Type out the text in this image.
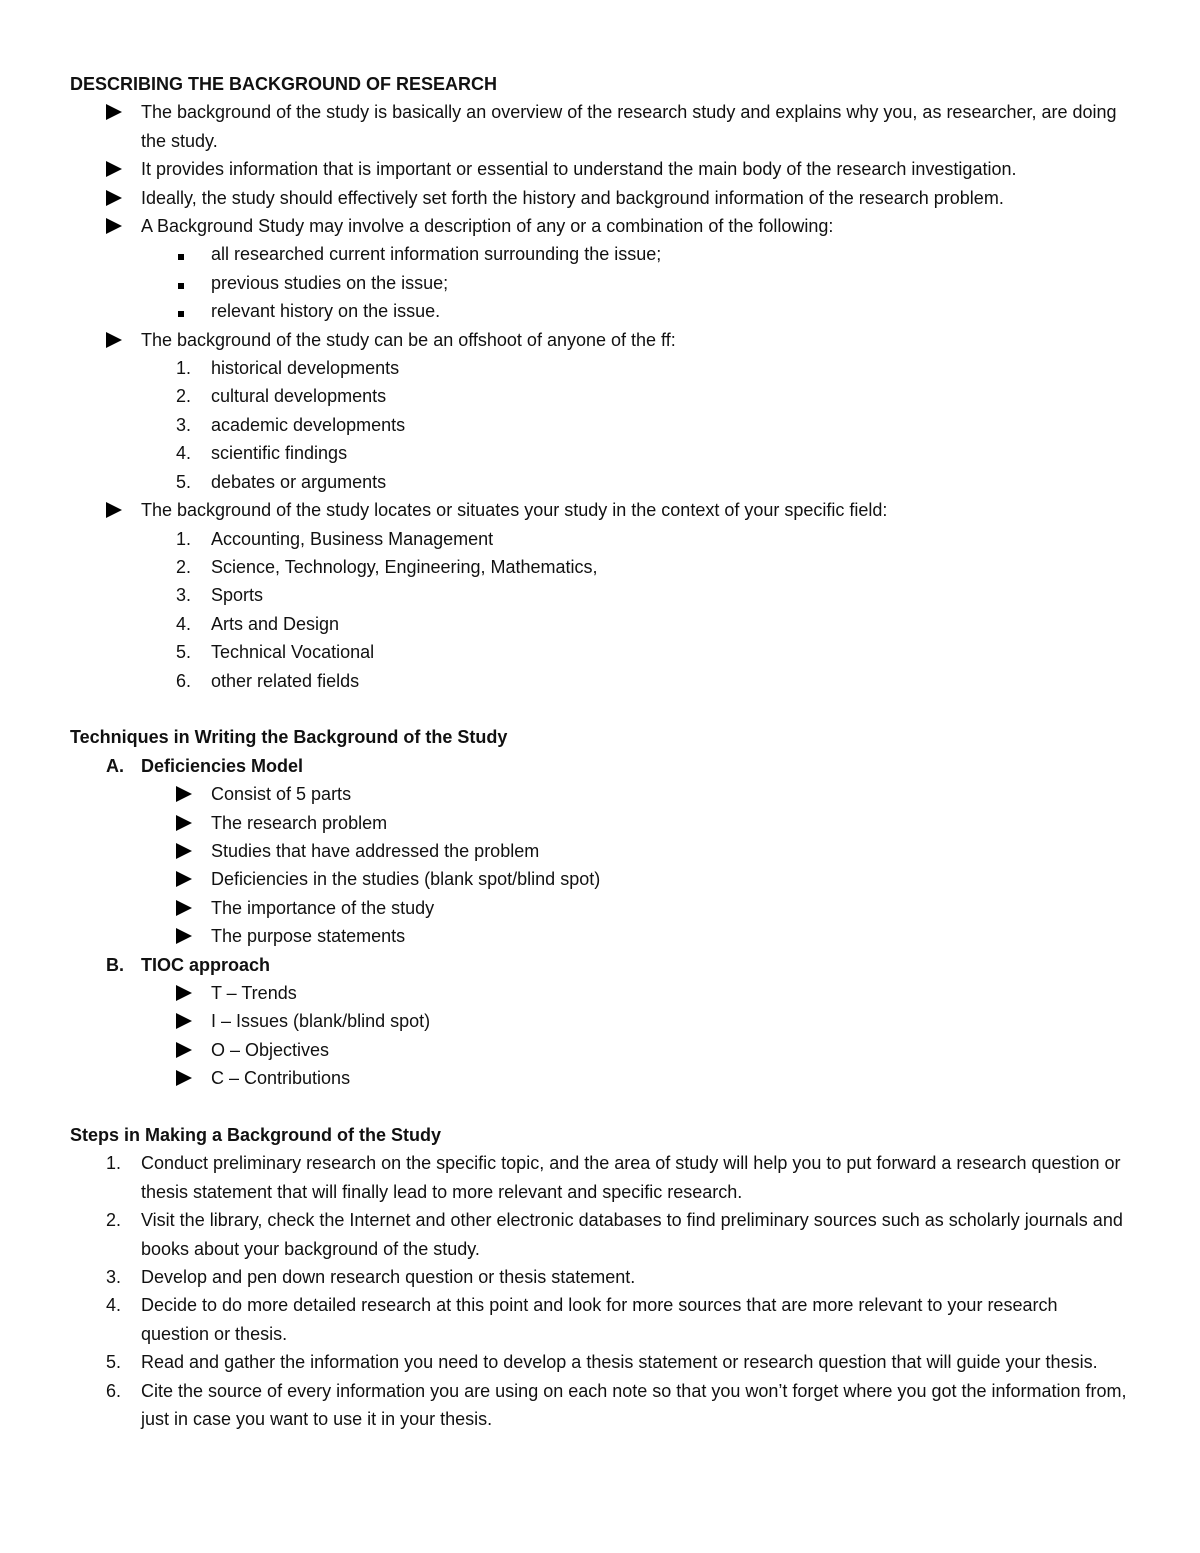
DESCRIBING THE BACKGROUND OF RESEARCH

The background of the study is basically an overview of the research study and explains why you, as researcher, are doing the study.
It provides information that is important or essential to understand the main body of the research investigation.
Ideally, the study should effectively set forth the history and background information of the research problem.
A Background Study may involve a description of any or a combination of the following:
all researched current information surrounding the issue;
previous studies on the issue;
relevant history on the issue.
The background of the study can be an offshoot of anyone of the ff:
1.	historical developments
2.	cultural developments
3.	academic developments
4.	scientific findings
5.	debates or arguments
The background of the study locates or situates your study in the context of your specific field:
1.	Accounting, Business Management
2.	Science, Technology, Engineering, Mathematics,
3.	Sports
4.	Arts and Design
5.	Technical Vocational
6.	other related fields

Techniques in Writing the Background of the Study

A. Deficiencies Model
Consist of 5 parts
The research problem
Studies that have addressed the problem
Deficiencies in the studies (blank spot/blind spot)
The importance of the study
The purpose statements
B. TIOC approach
T – Trends
I – Issues (blank/blind spot)
O – Objectives
C – Contributions

Steps in Making a Background of the Study

1.	Conduct preliminary research on the specific topic, and the area of study will help you to put forward a research question or thesis statement that will finally lead to more relevant and specific research.
2.	Visit the library, check the Internet and other electronic databases to find preliminary sources such as scholarly journals and books about your background of the study.
3.	Develop and pen down research question or thesis statement.
4.	Decide to do more detailed research at this point and look for more sources that are more relevant to your research question or thesis.
5.	Read and gather the information you need to develop a thesis statement or research question that will guide your thesis.
6.	Cite the source of every information you are using on each note so that you won’t forget where you got the information from, just in case you want to use it in your thesis.
